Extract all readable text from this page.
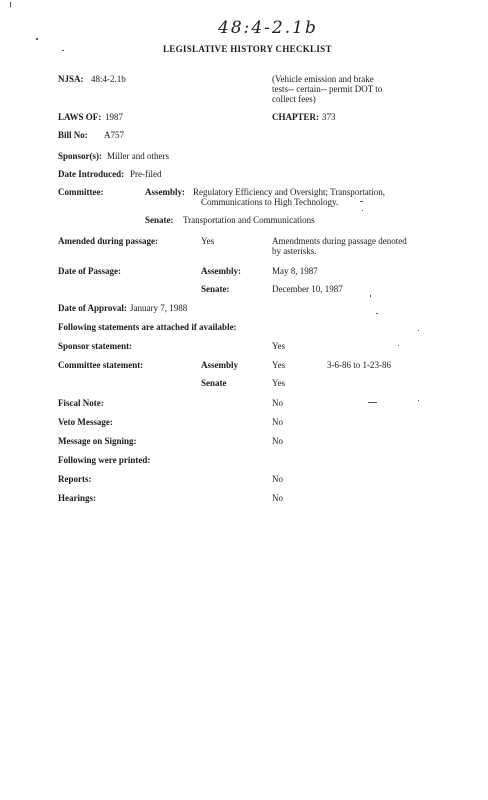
48:4-2.1b
LEGISLATIVE HISTORY CHECKLIST
NJSA: 48:4-2.1b	(Vehicle emission and brake
tests-- certain-- permit DOT to
collect fees)
LAWS OF: 1987	CHAPTER: 373
Bill No: A757
Sponsor(s): Miller and others
Date Introduced: Pre-filed
Committee:	Assembly: Regulatory Efficiency and Oversight; Transportation,
Communications to High Technology.
Senate: Transportation and Communications
Amended during passage:	Yes	Amendments during passage denoted
by asterisks.
Date of Passage:	Assembly:	May 8, 1987
Senate:	December 10, 1987
Date of Approval: January 7, 1988
Following statements are attached if available:
Sponsor statement:	Yes
Committee statement:	Assembly	Yes	3-6-86 to 1-23-86
Senate	Yes
Fiscal Note:	No
Veto Message:	No
Message on Signing:	No
Following were printed:
Reports:	No
Hearings:	No
